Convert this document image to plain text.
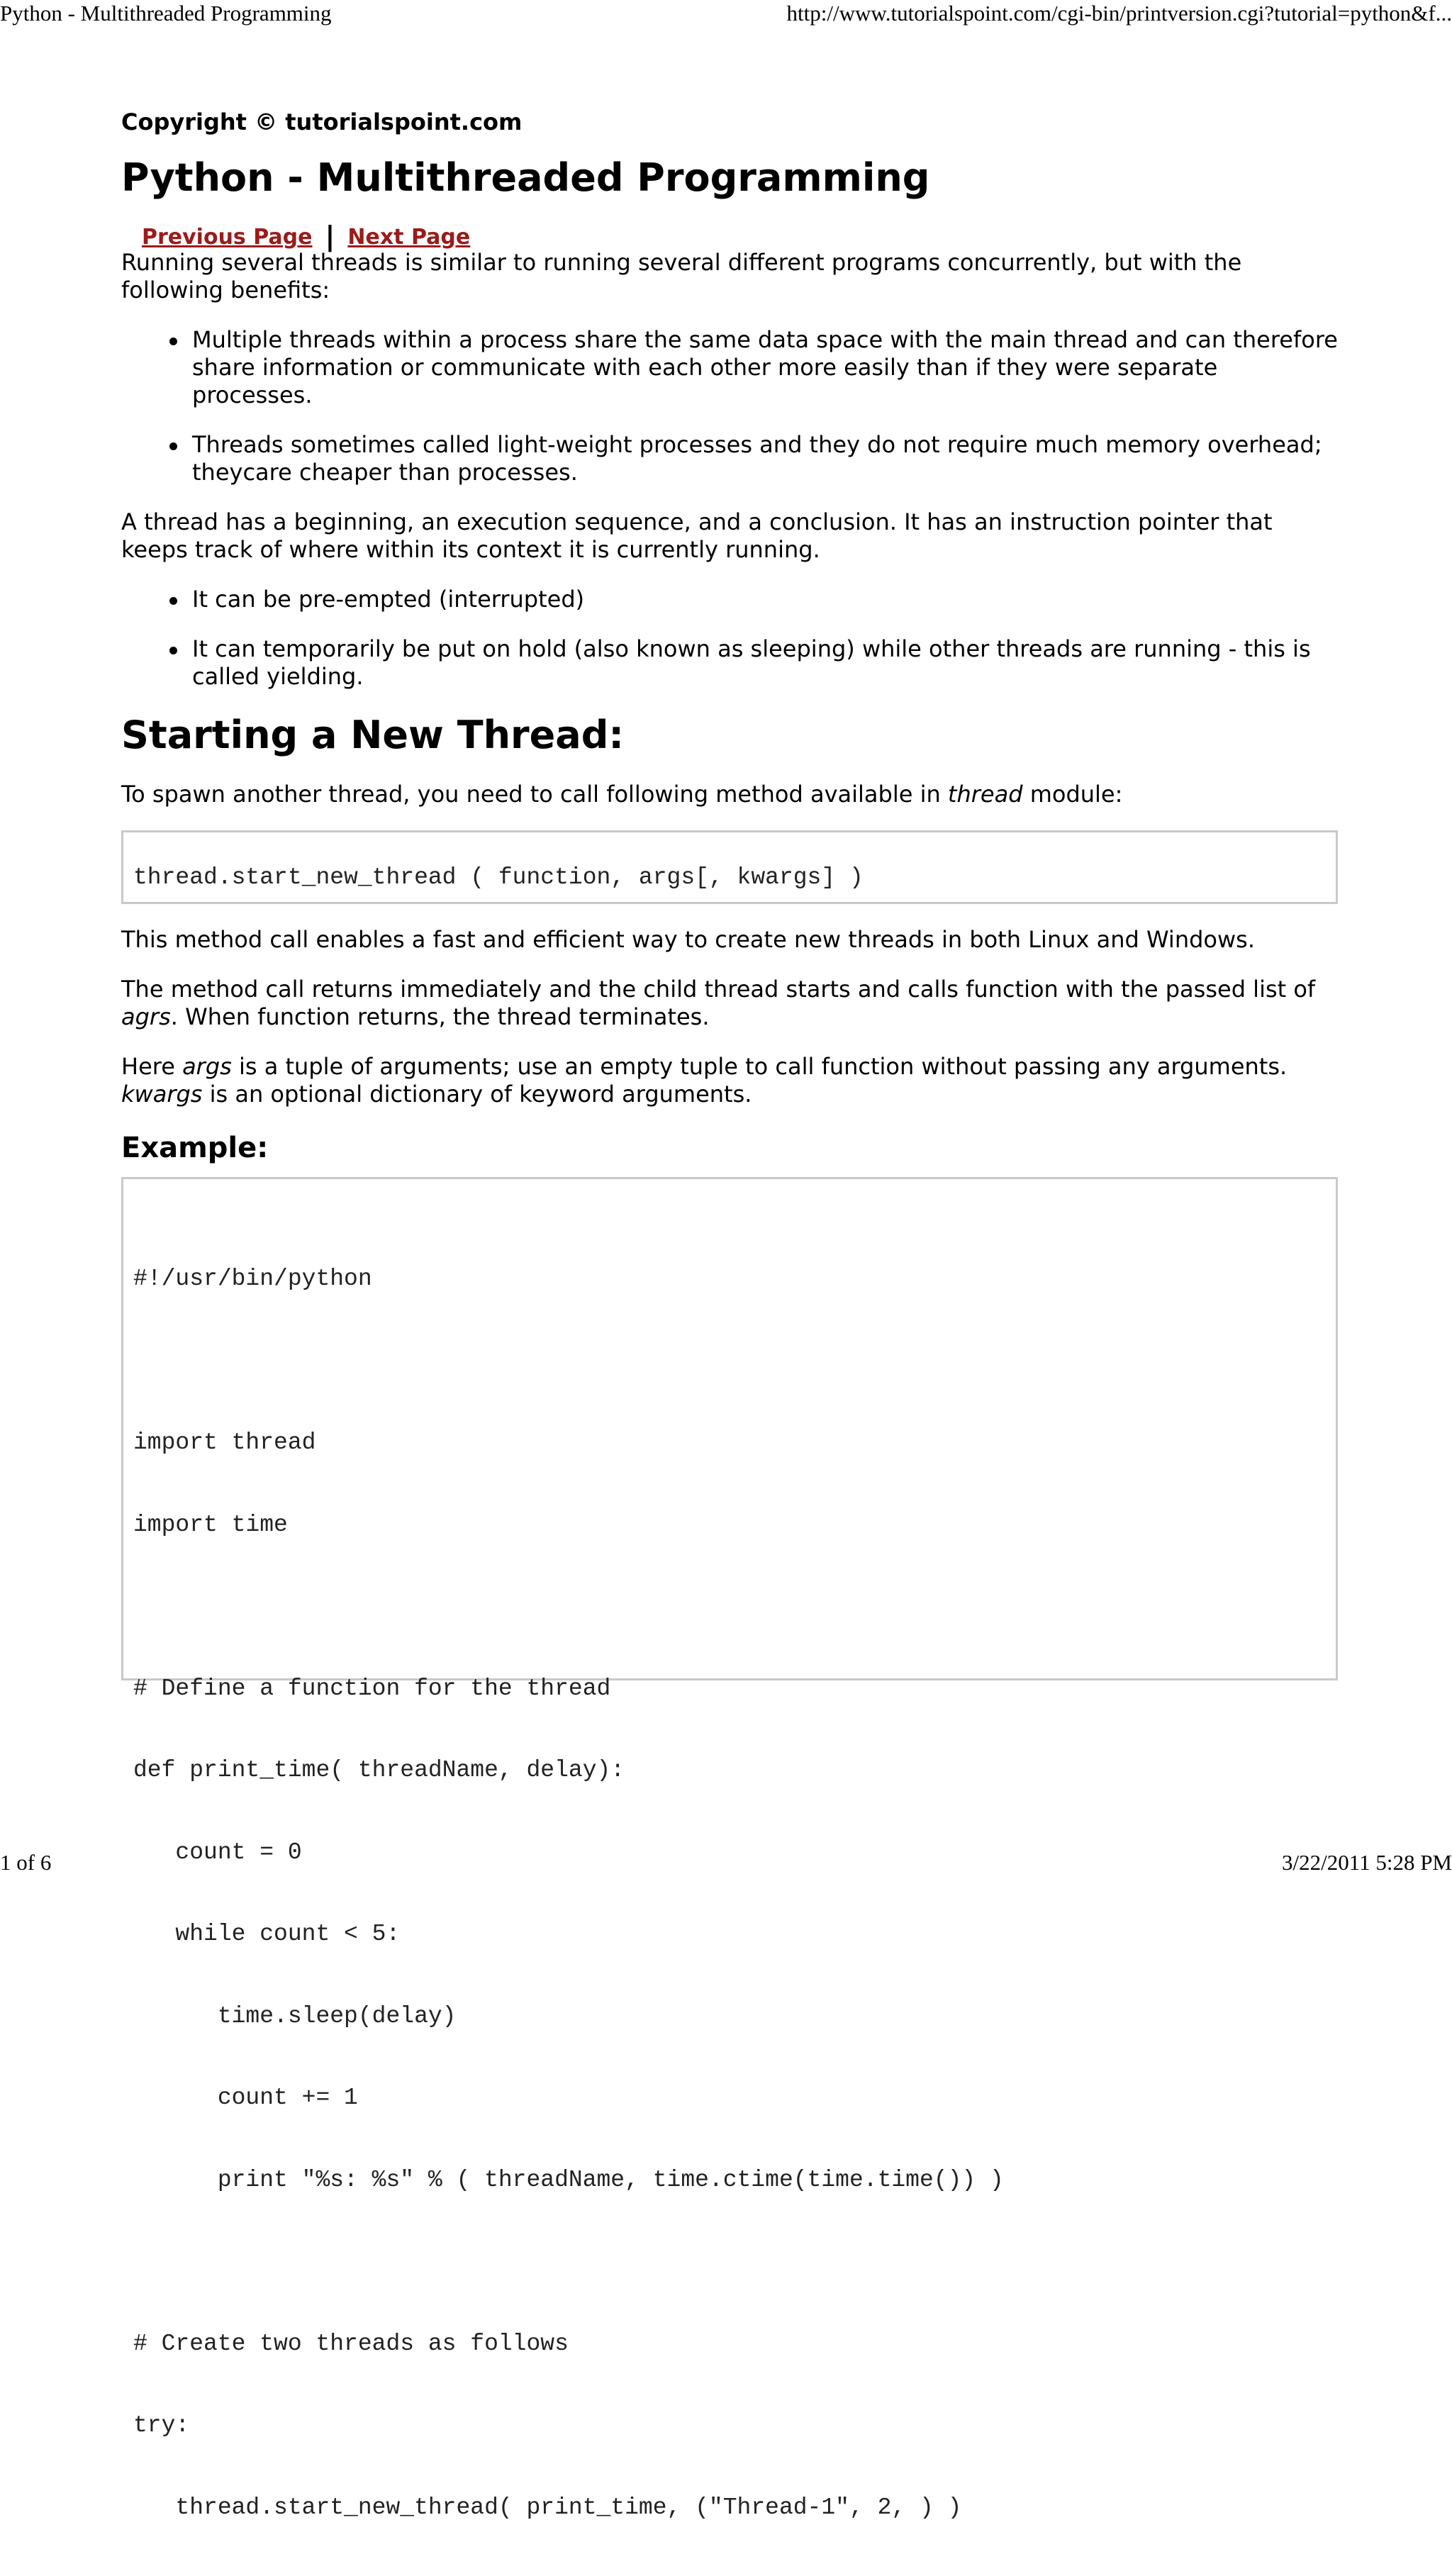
Python - Multithreaded Programming	http://www.tutorialspoint.com/cgi-bin/printversion.cgi?tutorial=python&f...

Copyright © tutorialspoint.com

Python - Multithreaded Programming
Previous Page | Next Page

Running several threads is similar to running several different programs concurrently, but with the following benefits:

Multiple threads within a process share the same data space with the main thread and can therefore share information or communicate with each other more easily than if they were separate processes.
Threads sometimes called light-weight processes and they do not require much memory overhead; theycare cheaper than processes.

A thread has a beginning, an execution sequence, and a conclusion. It has an instruction pointer that keeps track of where within its context it is currently running.

It can be pre-empted (interrupted)
It can temporarily be put on hold (also known as sleeping) while other threads are running - this is called yielding.
Starting a New Thread:

To spawn another thread, you need to call following method available in thread module:

thread.start_new_thread ( function, args[, kwargs] )

This method call enables a fast and efficient way to create new threads in both Linux and Windows.

The method call returns immediately and the child thread starts and calls function with the passed list of agrs. When function returns, the thread terminates.

Here args is a tuple of arguments; use an empty tuple to call function without passing any arguments. kwargs is an optional dictionary of keyword arguments.

Example:

#!/usr/bin/python

import thread

import time

# Define a function for the thread

def print_time( threadName, delay):

count = 0

while count < 5:

time.sleep(delay)

count += 1

print "%s: %s" % ( threadName, time.ctime(time.time()) )

# Create two threads as follows

try:

thread.start_new_thread( print_time, ("Thread-1", 2, ) )

1 of 6	3/22/2011 5:28 PM
